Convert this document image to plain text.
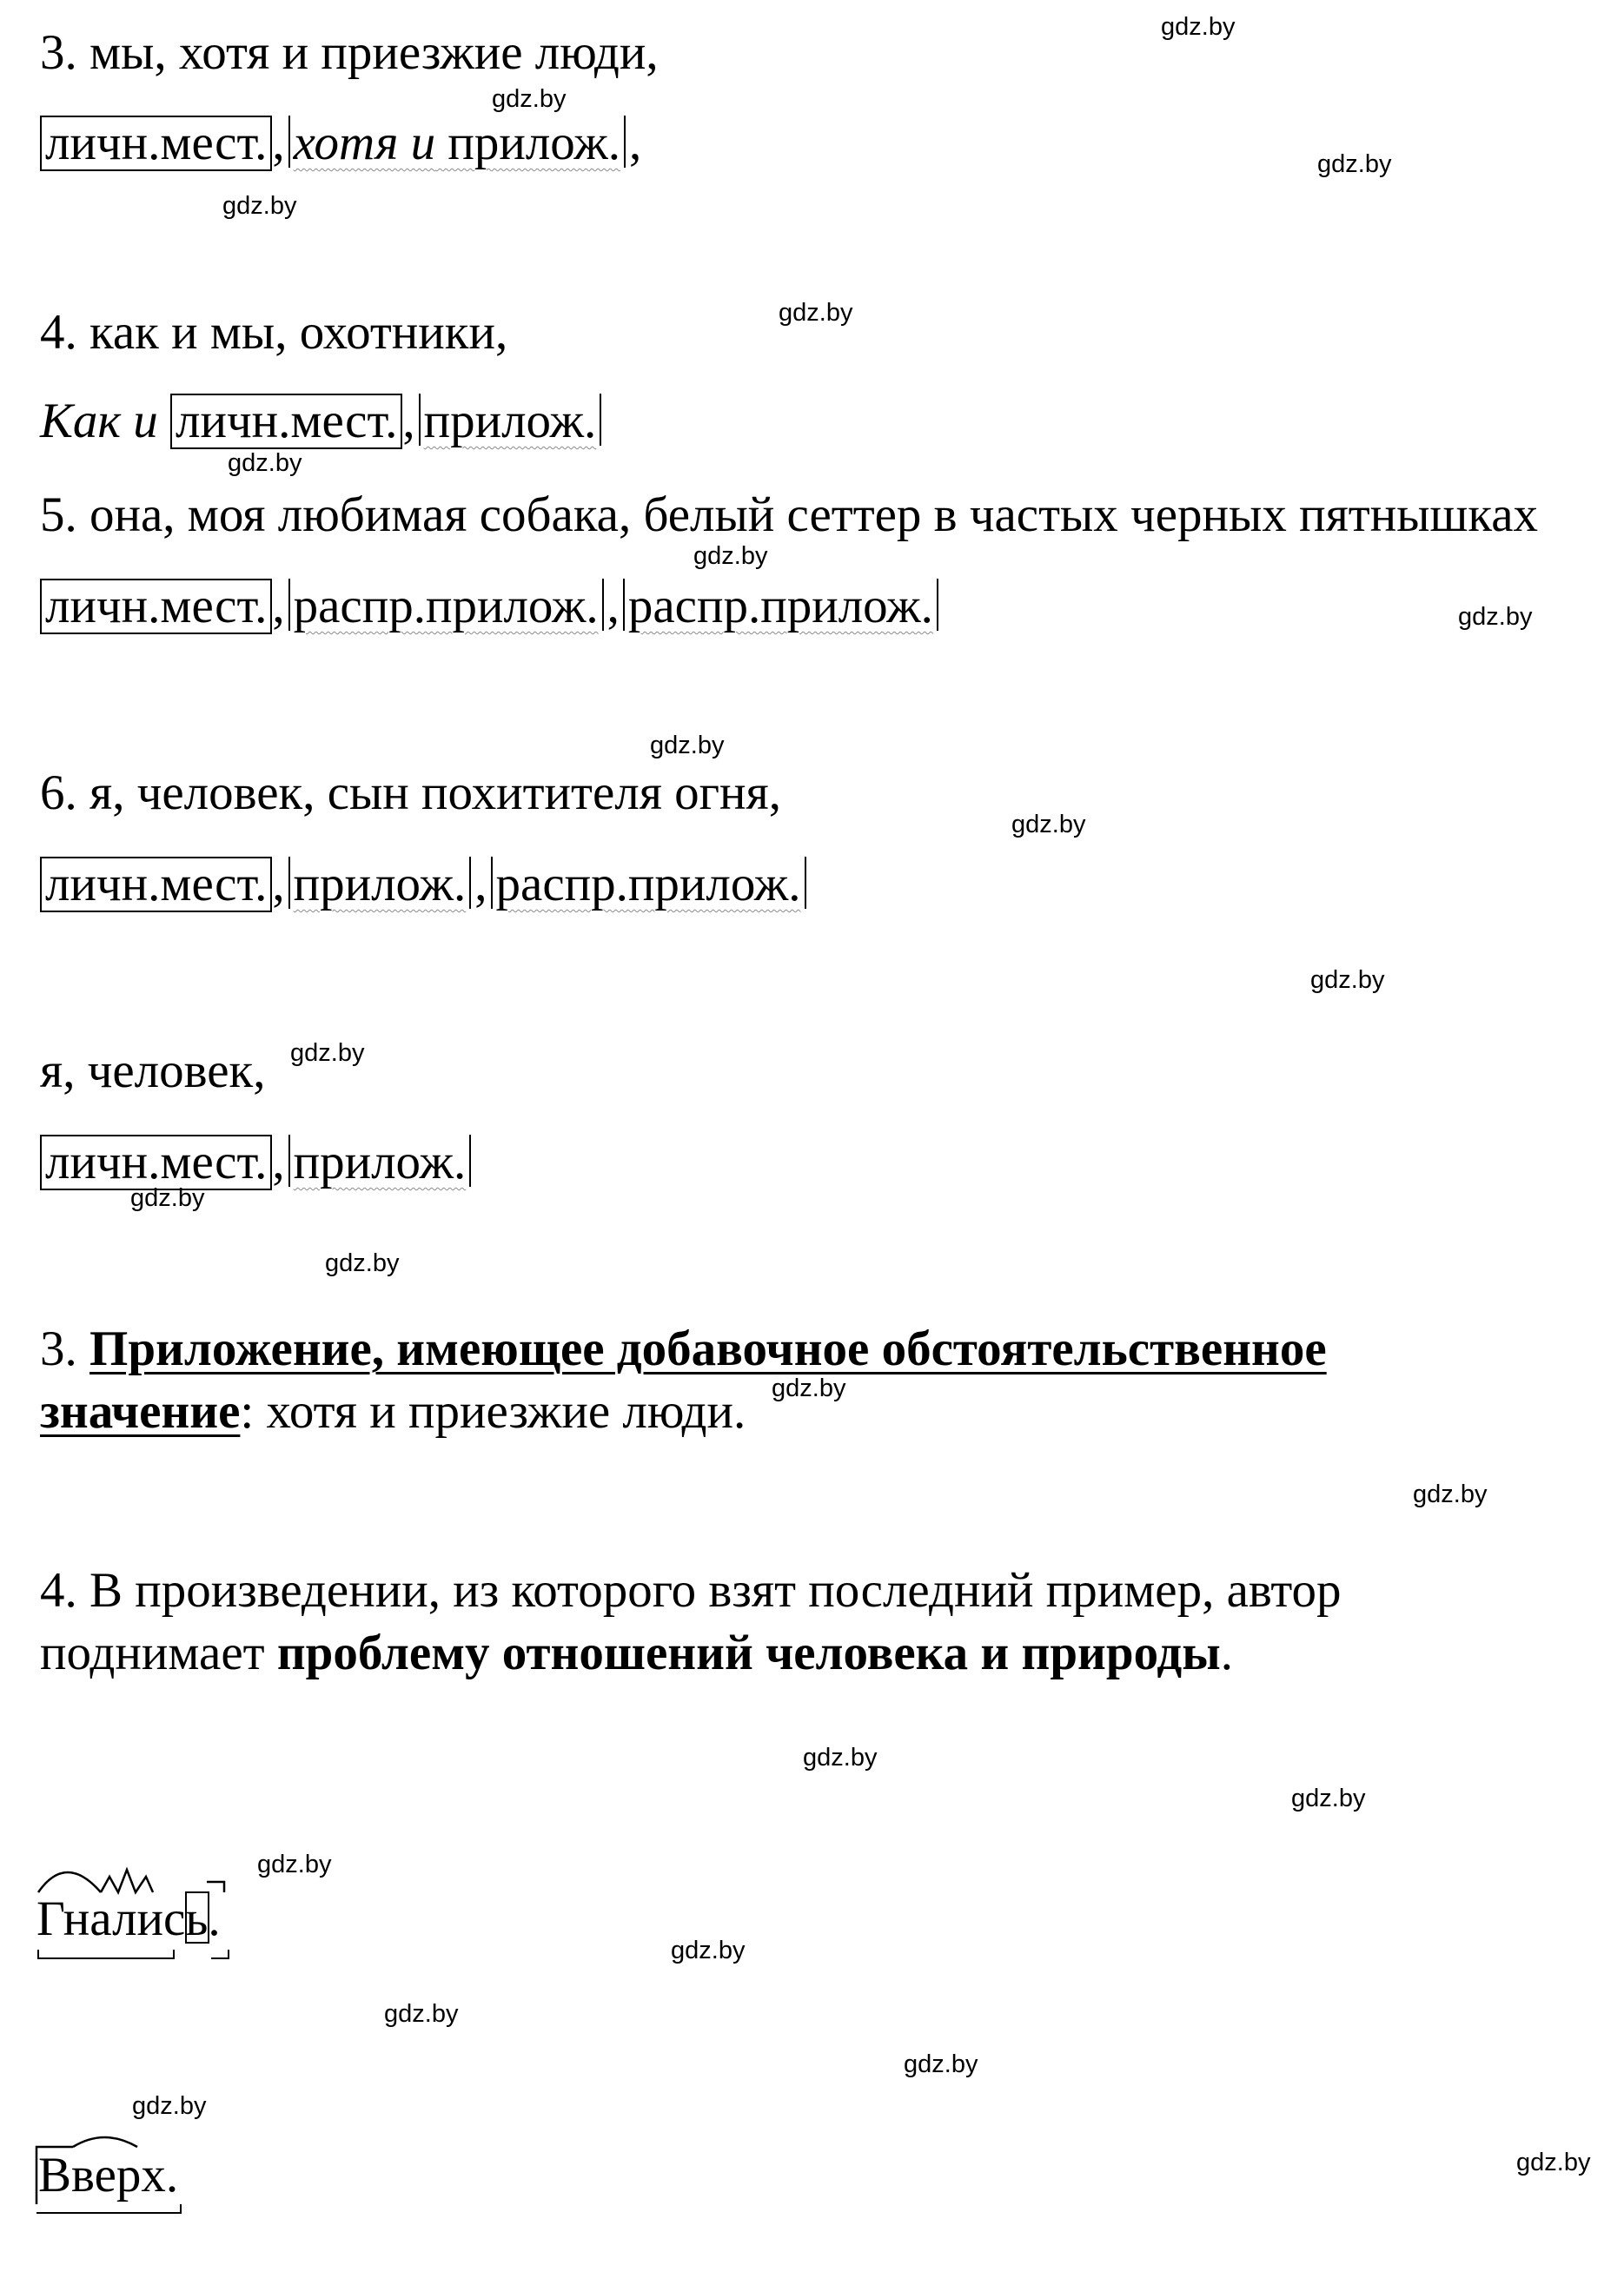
3. мы, хотя и приезжие люди,
личн.мест. , хотя и прилож. ,
4. как и мы, охотники,
Как и личн.мест. , прилож.
5. она, моя любимая собака, белый сеттер в частых черных пятнышках
личн.мест. , распр.прилож. , распр.прилож.
6. я, человек, сын похитителя огня,
личн.мест. , прилож. , распр.прилож.
я, человек,
личн.мест. , прилож.
3. Приложение, имеющее добавочное обстоятельственное
значение: хотя и приезжие люди.
4. В произведении, из которого взят последний пример, автор
поднимает проблему отношений человека и природы.
Гнались.
Вверх.
gdz.by
gdz.by
gdz.by
gdz.by
gdz.by
gdz.by
gdz.by
gdz.by
gdz.by
gdz.by
gdz.by
gdz.by
gdz.by
gdz.by
gdz.by
gdz.by
gdz.by
gdz.by
gdz.by
gdz.by
gdz.by
gdz.by
gdz.by
gdz.by
